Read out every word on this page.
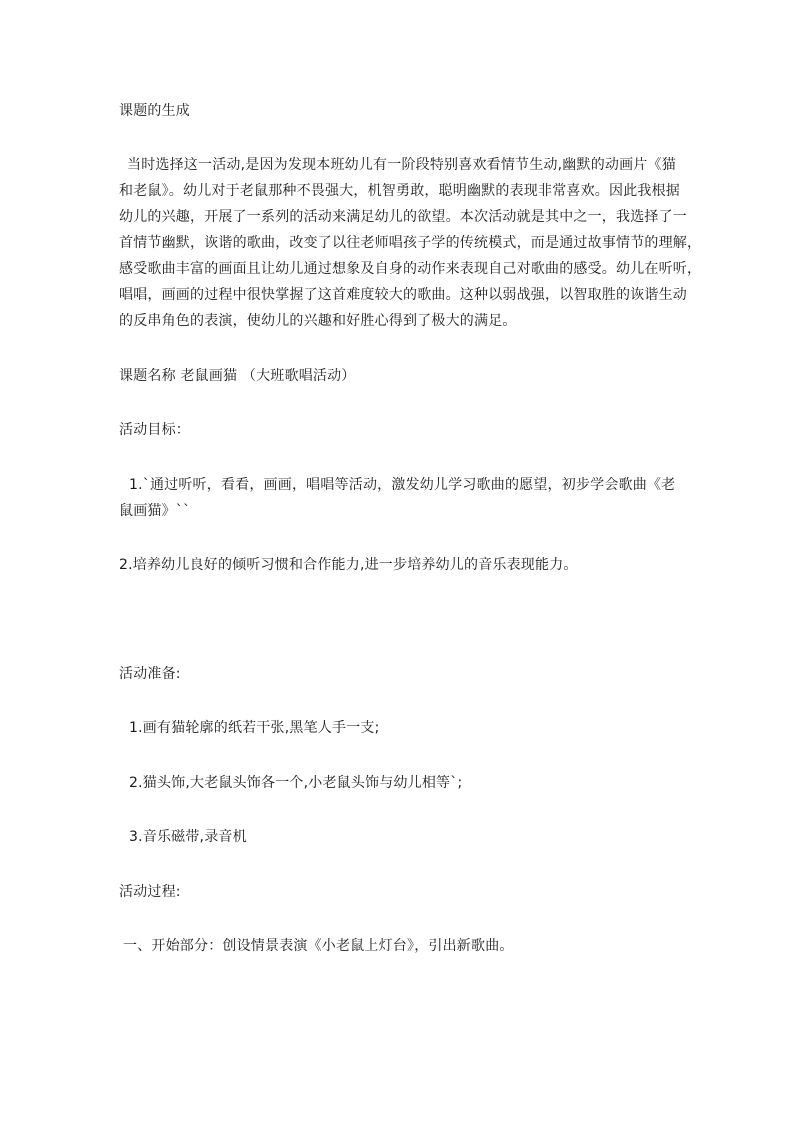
课题的生成
当时选择这一活动,是因为发现本班幼儿有一阶段特别喜欢看情节生动,幽默的动画片《猫
和老鼠》。幼儿对于老鼠那种不畏强大，机智勇敢，聪明幽默的表现非常喜欢。因此我根据
幼儿的兴趣，开展了一系列的活动来满足幼儿的欲望。本次活动就是其中之一，我选择了一
首情节幽默，诙谐的歌曲，改变了以往老师唱孩子学的传统模式，而是通过故事情节的理解，
感受歌曲丰富的画面且让幼儿通过想象及自身的动作来表现自己对歌曲的感受。幼儿在听听，
唱唱，画画的过程中很快掌握了这首难度较大的歌曲。这种以弱战强，以智取胜的诙谐生动
的反串角色的表演，使幼儿的兴趣和好胜心得到了极大的满足。
课题名称 老鼠画猫 （大班歌唱活动）
活动目标：
1.`通过听听，看看，画画，唱唱等活动，激发幼儿学习歌曲的愿望，初步学会歌曲《老
鼠画猫》``
2.培养幼儿良好的倾听习惯和合作能力,进一步培养幼儿的音乐表现能力。
活动准备:
1.画有猫轮廓的纸若干张,黑笔人手一支;
2.猫头饰,大老鼠头饰各一个,小老鼠头饰与幼儿相等`;
3.音乐磁带,录音机
活动过程:
一、开始部分：创设情景表演《小老鼠上灯台》，引出新歌曲。
